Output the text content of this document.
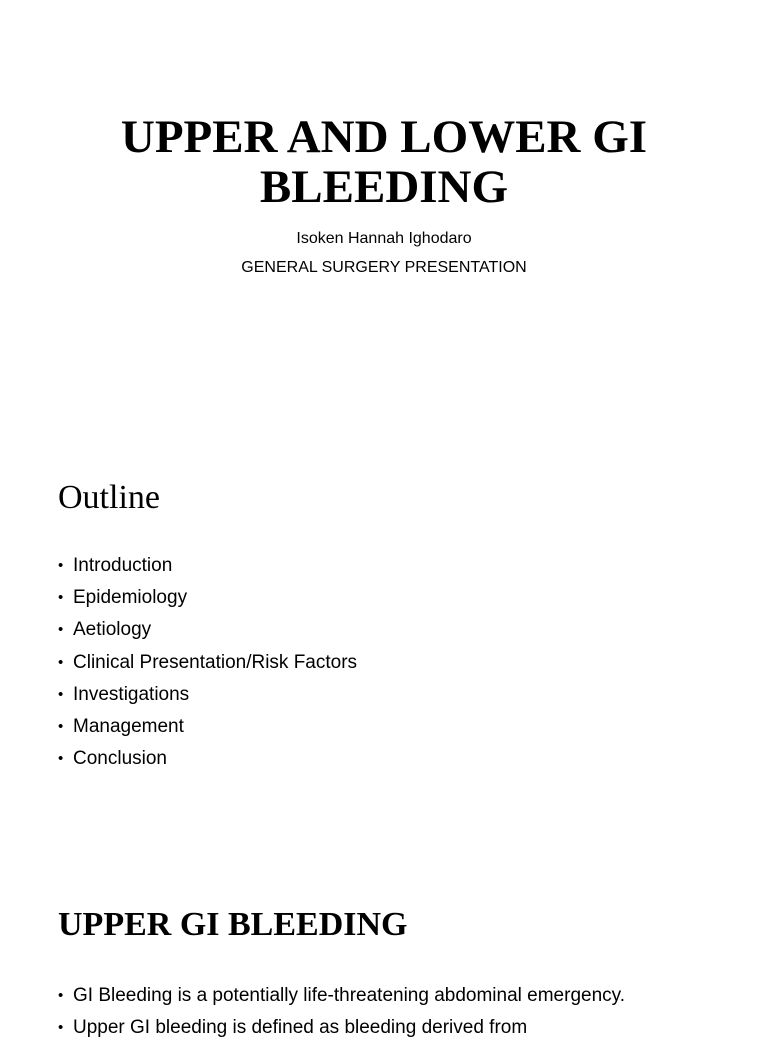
UPPER AND LOWER GI
BLEEDING
Isoken Hannah Ighodaro
GENERAL SURGERY PRESENTATION
Outline
• Introduction
• Epidemiology
• Aetiology
• Clinical Presentation/Risk Factors
• Investigations
• Management
• Conclusion
UPPER GI BLEEDING
• GI Bleeding is a potentially life-threatening abdominal emergency.
• Upper GI bleeding is defined as bleeding derived from
